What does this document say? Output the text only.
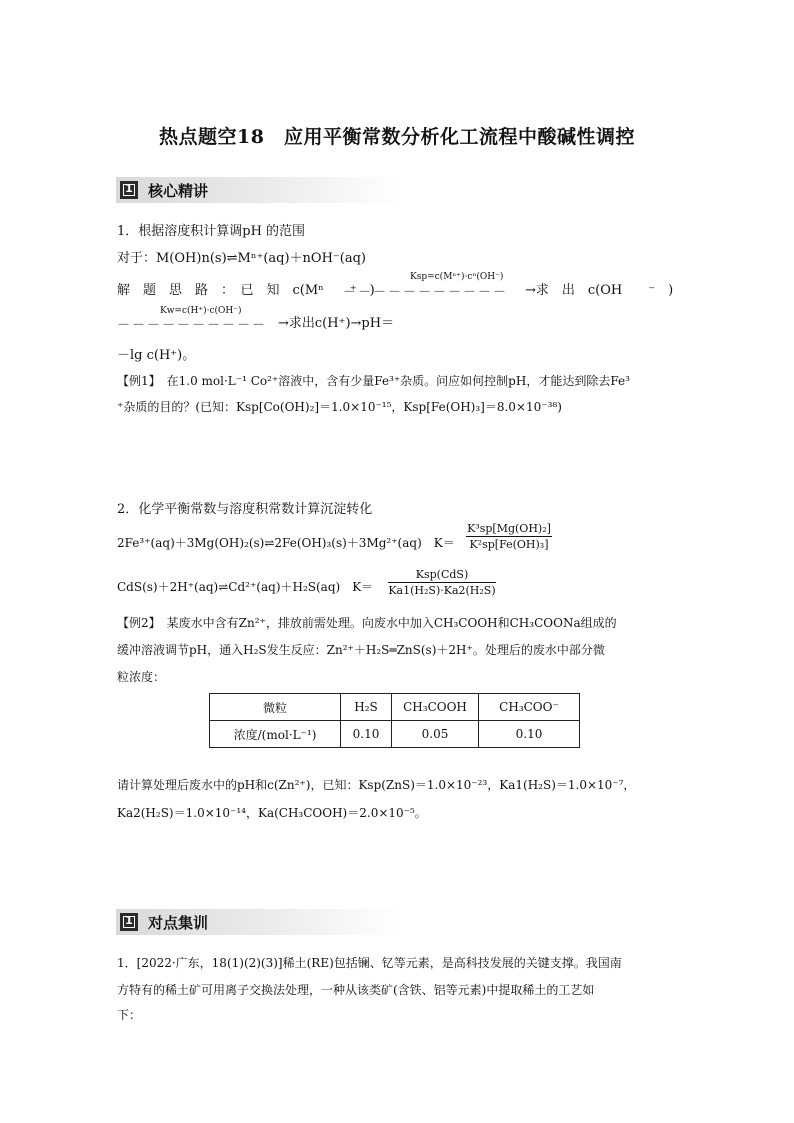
热点题空18　应用平衡常数分析化工流程中酸碱性调控
1	核心精讲
1．根据溶度积计算调pH 的范围
对于：M(OH)n(s)⇌Mⁿ⁺(aq)＋nOH⁻(aq)
解　题　思　路　：　已　知　c(Mⁿ　　⁺　)
－－－－－－－－－－－
Ksp=c(Mⁿ⁺)·cⁿ(OH⁻)
→求　出　c(OH　　⁻　)
－－－－－－－－－－
Kw=c(H⁺)·c(OH⁻)
→求出c(H⁺)→pH＝
－lg c(H⁺)。
【例1】　在1.0 mol·L⁻¹ Co²⁺溶液中，含有少量Fe³⁺杂质。问应如何控制pH，才能达到除去Fe³
⁺杂质的目的？(已知：Ksp[Co(OH)₂]＝1.0×10⁻¹⁵，Ksp[Fe(OH)₃]＝8.0×10⁻³⁸)
2．化学平衡常数与溶度积常数计算沉淀转化
2Fe³⁺(aq)＋3Mg(OH)₂(s)⇌2Fe(OH)₃(s)＋3Mg²⁺(aq)　K＝
K³sp[Mg(OH)₂]
K²sp[Fe(OH)₃]
CdS(s)＋2H⁺(aq)⇌Cd²⁺(aq)＋H₂S(aq)　K＝
Ksp(CdS)
Ka1(H₂S)·Ka2(H₂S)
【例2】　某废水中含有Zn²⁺，排放前需处理。向废水中加入CH₃COOH和CH₃COONa组成的
缓冲溶液调节pH，通入H₂S发生反应：Zn²⁺＋H₂S═ZnS(s)＋2H⁺。处理后的废水中部分微
粒浓度：
微粒	H₂S	CH₃COOH	CH₃COO⁻
浓度/(mol·L⁻¹)	0.10	0.05	0.10
请计算处理后废水中的pH和c(Zn²⁺)，已知：Ksp(ZnS)＝1.0×10⁻²³，Ka1(H₂S)＝1.0×10⁻⁷，
Ka2(H₂S)＝1.0×10⁻¹⁴，Ka(CH₃COOH)＝2.0×10⁻⁵。
1	对点集训
1．[2022·广东，18(1)(2)(3)]稀土(RE)包括镧、钇等元素，是高科技发展的关键支撑。我国南
方特有的稀土矿可用离子交换法处理，一种从该类矿(含铁、铝等元素)中提取稀土的工艺如
下：
